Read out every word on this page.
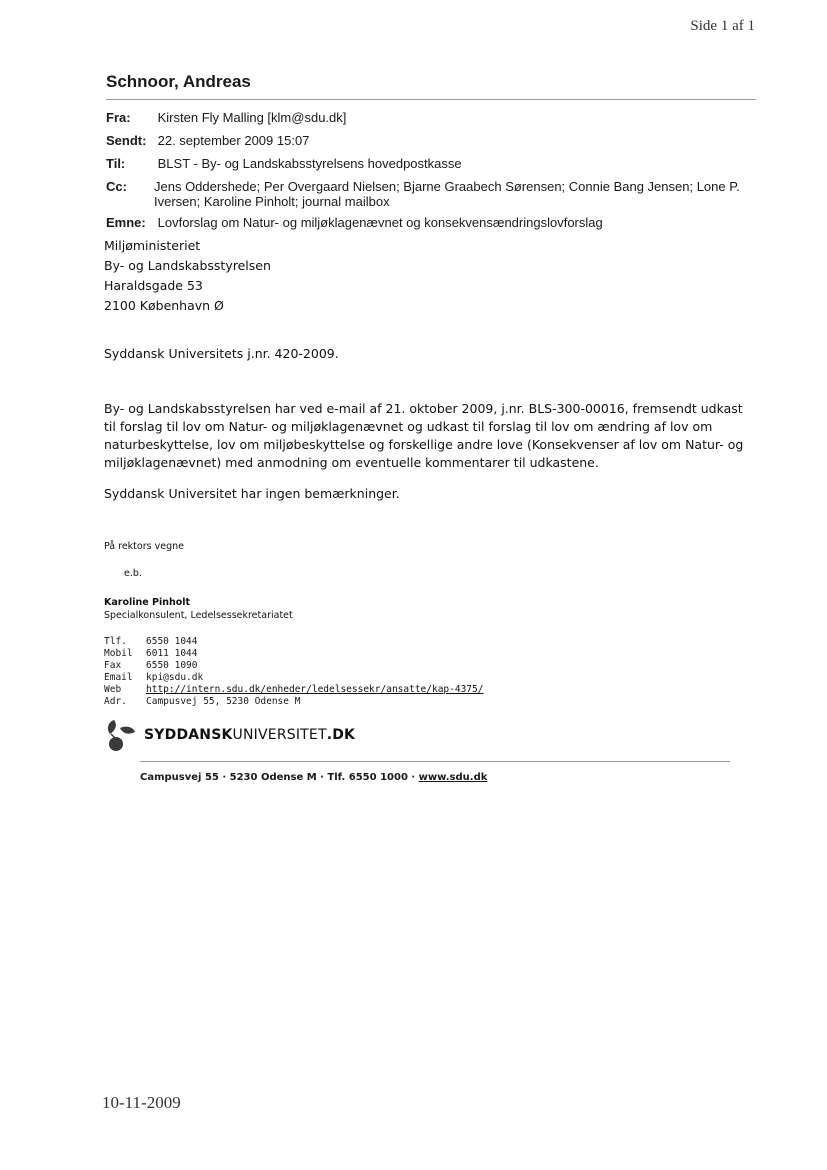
Side 1 af 1
Schnoor, Andreas
Fra: Kirsten Fly Malling [klm@sdu.dk]
Sendt: 22. september 2009 15:07
Til: BLST - By- og Landskabsstyrelsens hovedpostkasse
Cc:	Jens Oddershede; Per Overgaard Nielsen; Bjarne Graabech Sørensen; Connie Bang Jensen; Lone P. Iversen; Karoline Pinholt; journal mailbox
Emne: Lovforslag om Natur- og miljøklagenævnet og konsekvensændringslovforslag
Miljøministeriet
By- og Landskabsstyrelsen
Haraldsgade 53
2100 København Ø
Syddansk Universitets j.nr. 420-2009.
By- og Landskabsstyrelsen har ved e-mail af 21. oktober 2009, j.nr. BLS-300-00016, fremsendt udkast til forslag til lov om Natur- og miljøklagenævnet og udkast til forslag til lov om ændring af lov om naturbeskyttelse, lov om miljøbeskyttelse og forskellige andre love (Konsekvenser af lov om Natur- og miljøklagenævnet) med anmodning om eventuelle kommentarer til udkastene.
Syddansk Universitet har ingen bemærkninger.
På rektors vegne
e.b.
Karoline Pinholt
Specialkonsulent, Ledelsessekretariatet
Tlf.	6550 1044
Mobil	6011 1044
Fax	6550 1090
Email	kpi@sdu.dk
Web	http://intern.sdu.dk/enheder/ledelsessekr/ansatte/kap-4375/
Adr.	Campusvej 55, 5230 Odense M
SYDDANSKUNIVERSITET.DK
Campusvej 55 · 5230 Odense M · Tlf. 6550 1000 · www.sdu.dk
10-11-2009
